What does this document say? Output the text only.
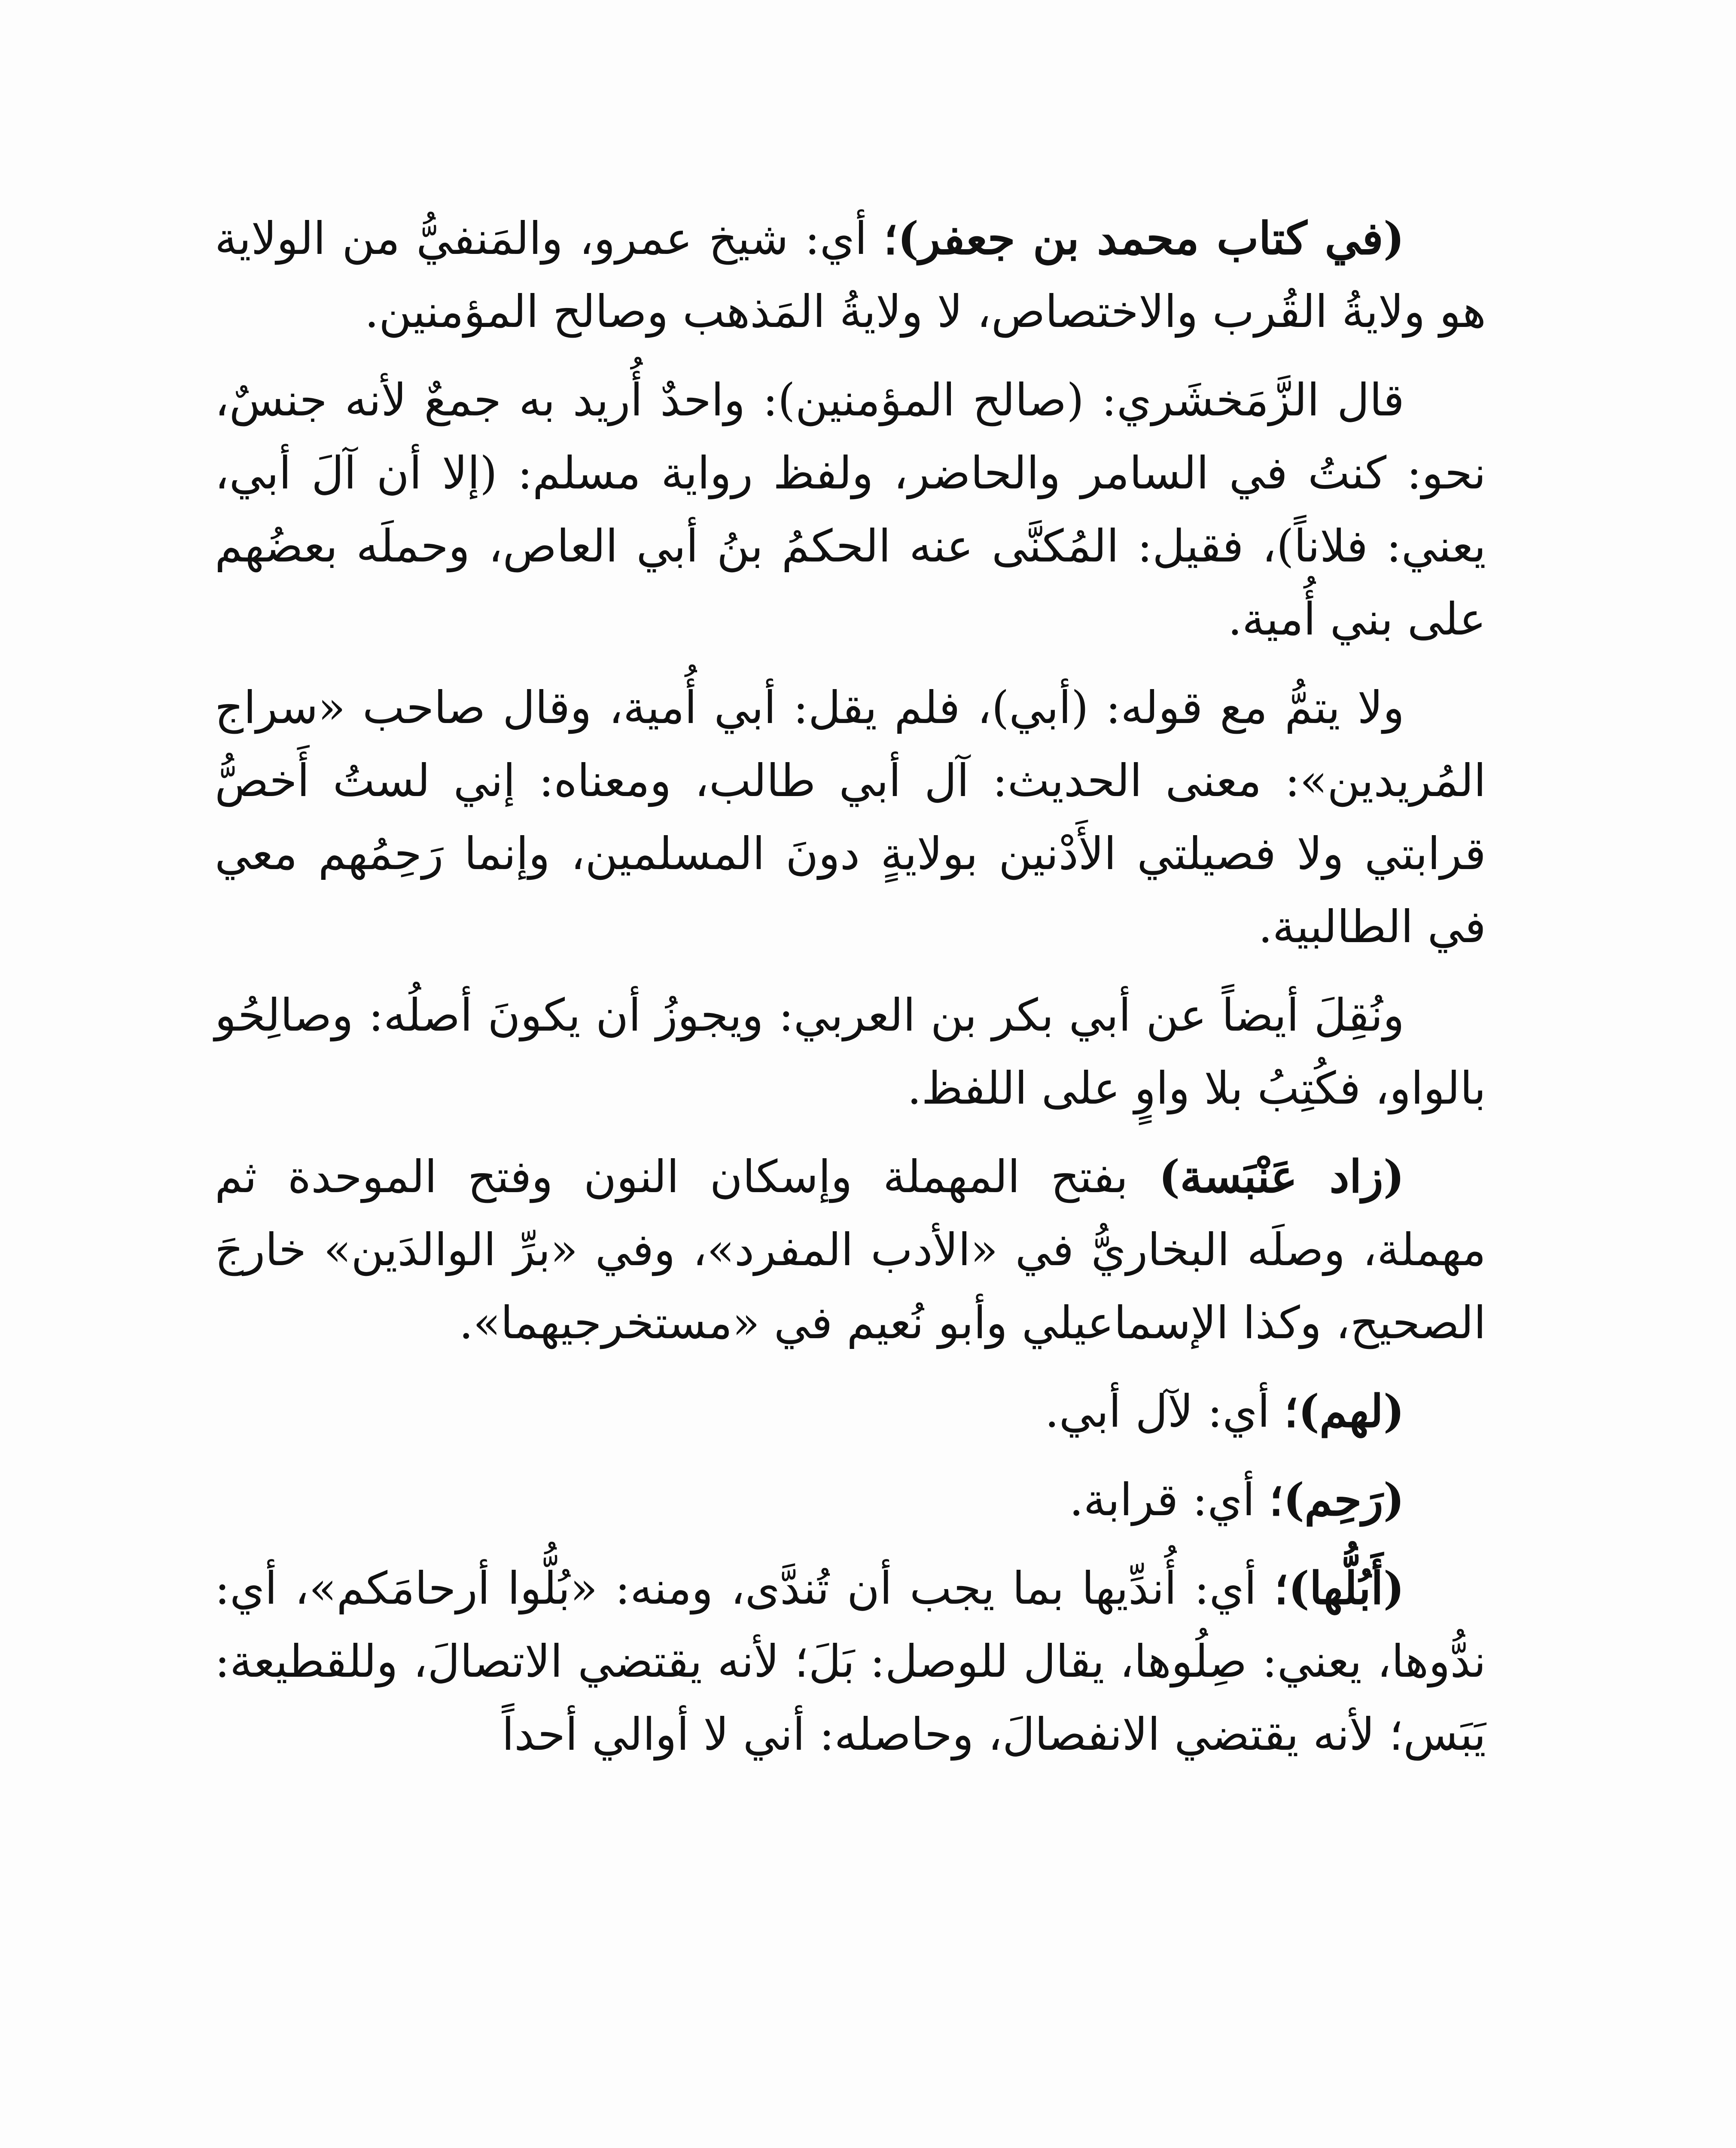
(في كتاب محمد بن جعفر)؛ أي: شيخ عمرو، والمَنفيُّ من الولاية هو ولايةُ القُرب والاختصاص، لا ولايةُ المَذهب وصالح المؤمنين.

قال الزَّمَخشَري: (صالح المؤمنين): واحدٌ أُريد به جمعٌ لأنه جنسٌ، نحو: كنتُ في السامر والحاضر، ولفظ رواية مسلم: (إلا أن آلَ أبي، يعني: فلاناً)، فقيل: المُكنَّى عنه الحكمُ بنُ أبي العاص، وحملَه بعضُهم على بني أُمية.

ولا يتمُّ مع قوله: (أبي)، فلم يقل: أبي أُمية، وقال صاحب «سراج المُريدين»: معنى الحديث: آل أبي طالب، ومعناه: إني لستُ أَخصُّ قرابتي ولا فصيلتي الأَدْنين بولايةٍ دونَ المسلمين، وإنما رَحِمُهم معي في الطالبية.

ونُقِلَ أيضاً عن أبي بكر بن العربي: ويجوزُ أن يكونَ أصلُه: وصالِحُو بالواو، فكُتِبُ بلا واوٍ على اللفظ.

(زاد عَنْبَسة) بفتح المهملة وإسكان النون وفتح الموحدة ثم مهملة، وصلَه البخاريُّ في «الأدب المفرد»، وفي «برِّ الوالدَين» خارجَ الصحيح، وكذا الإسماعيلي وأبو نُعيم في «مستخرجيهما».

(لهم)؛ أي: لآل أبي.

(رَحِم)؛ أي: قرابة.

(أَبُلُّها)؛ أي: أُندِّيها بما يجب أن تُندَّى، ومنه: «بُلُّوا أرحامَكم»، أي: ندُّوها، يعني: صِلُوها، يقال للوصل: بَلَ؛ لأنه يقتضي الاتصالَ، وللقطيعة: يَبَس؛ لأنه يقتضي الانفصالَ، وحاصله: أني لا أوالي أحداً
